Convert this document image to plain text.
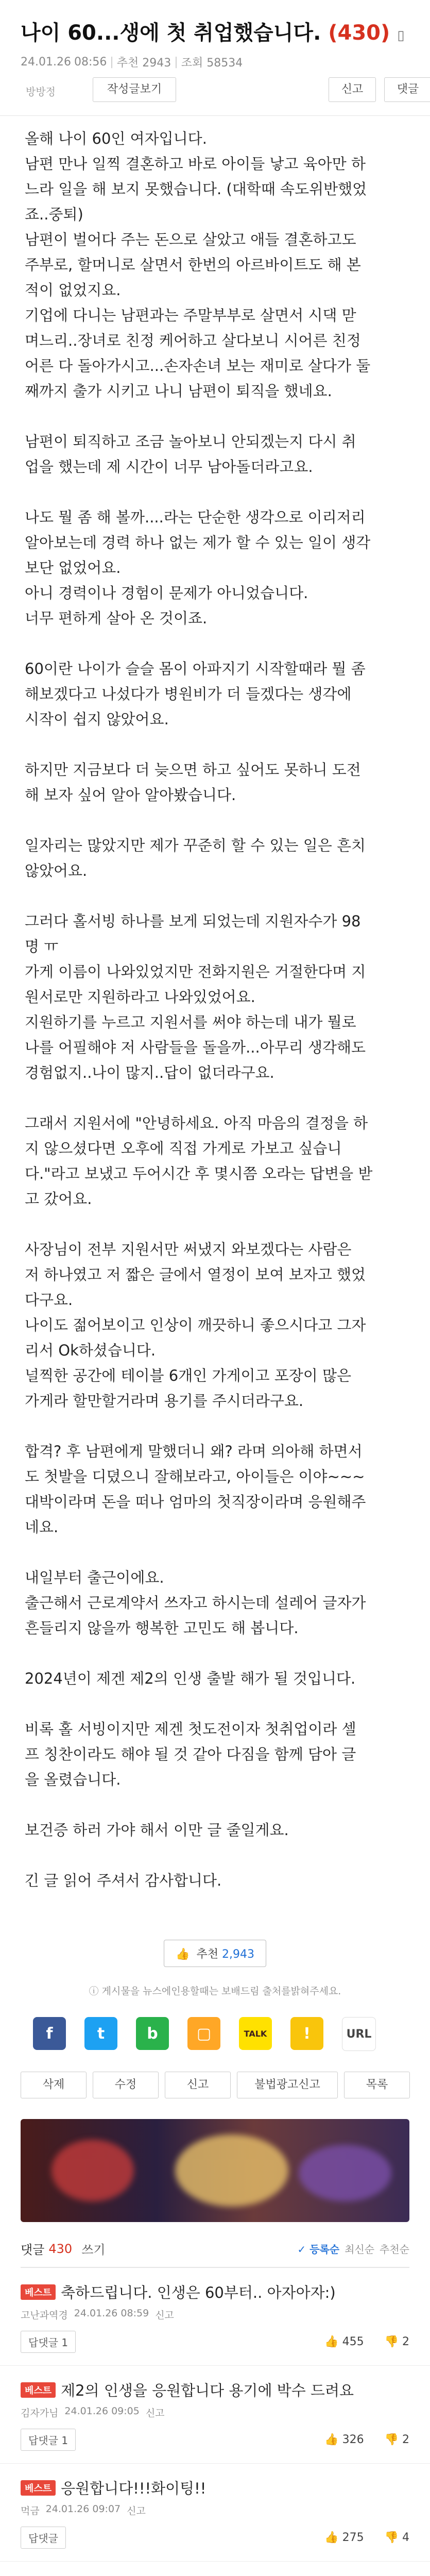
나이 60...생에 첫 취업했습니다. (430) ▯
24.01.26 08:56 | 추천 2943 | 조회 58534
방방정	작성글보기	신고	댓글

올해 나이 60인 여자입니다.
남편 만나 일찍 결혼하고 바로 아이들 낳고 육아만 하
느라 일을 해 보지 못했습니다. (대학때 속도위반했었
죠..중퇴)
남편이 벌어다 주는 돈으로 살았고 애들 결혼하고도
주부로, 할머니로 살면서 한번의 아르바이트도 해 본
적이 없었지요.
기업에 다니는 남편과는 주말부부로 살면서 시댁 맏
며느리..장녀로 친정 케어하고 살다보니 시어른 친정
어른 다 돌아가시고...손자손녀 보는 재미로 살다가 둘
째까지 출가 시키고 나니 남편이 퇴직을 했네요.

남편이 퇴직하고 조금 놀아보니 안되겠는지 다시 취
업을 했는데 제 시간이 너무 남아돌더라고요.

나도 뭘 좀 해 볼까....라는 단순한 생각으로 이리저리
알아보는데 경력 하나 없는 제가 할 수 있는 일이 생각
보단 없었어요.
아니 경력이나 경험이 문제가 아니었습니다.
너무 편하게 살아 온 것이죠.

60이란 나이가 슬슬 몸이 아파지기 시작할때라 뭘 좀
해보겠다고 나섰다가 병원비가 더 들겠다는 생각에
시작이 쉽지 않았어요.

하지만 지금보다 더 늦으면 하고 싶어도 못하니 도전
해 보자 싶어 알아 알아봤습니다.

일자리는 많았지만 제가 꾸준히 할 수 있는 일은 흔치
않았어요.

그러다 홀서빙 하나를 보게 되었는데 지원자수가 98
명 ㅠ
가게 이름이 나와있었지만 전화지원은 거절한다며 지
원서로만 지원하라고 나와있었어요.
지원하기를 누르고 지원서를 써야 하는데 내가 뭘로
나를 어필해야 저 사람들을 돌을까...아무리 생각해도
경험없지..나이 많지..답이 없더라구요.

그래서 지원서에 "안녕하세요. 아직 마음의 결정을 하
지 않으셨다면 오후에 직접 가게로 가보고 싶습니
다."라고 보냈고 두어시간 후 몇시쯤 오라는 답변을 받
고 갔어요.

사장님이 전부 지원서만 써냈지 와보겠다는 사람은
저 하나였고 저 짧은 글에서 열정이 보여 보자고 했었
다구요.
나이도 젊어보이고 인상이 깨끗하니 좋으시다고 그자
리서 Ok하셨습니다.
널찍한 공간에 테이블 6개인 가게이고 포장이 많은
가게라 할만할거라며 용기를 주시더라구요.

합격? 후 남편에게 말했더니 왜? 라며 의아해 하면서
도 첫발을 디뎠으니 잘해보라고, 아이들은 이야~~~
대박이라며 돈을 떠나 엄마의 첫직장이라며 응원해주
네요.

내일부터 출근이에요.
출근해서 근로계약서 쓰자고 하시는데 설레어 글자가
흔들리지 않을까 행복한 고민도 해 봅니다.

2024년이 제겐 제2의 인생 출발 해가 될 것입니다.

비록 홀 서빙이지만 제겐 첫도전이자 첫취업이라 셀
프 칭찬이라도 해야 될 것 같아 다짐을 함께 담아 글
을 올렸습니다.

보건증 하러 가야 해서 이만 글 줄일게요.

긴 글 읽어 주셔서 감사합니다.

👍 추천 2,943
ⓘ 게시물을 뉴스에인용할때는 보배드림 출처를밝혀주세요.
f	t	b	▢	TALK	!	URL
삭제	수정	신고	불법광고신고	목록
댓글 430 쓰기	✓ 등록순 최신순 추천순
베스트 축하드립니다. 인생은 60부터.. 아자아자:)
고난과역경 24.01.26 08:59 신고
답댓글 1	👍 455 👎 2
베스트 제2의 인생을 응원합니다 용기에 박수 드려요
김자가님 24.01.26 09:05 신고
답댓글 1	👍 326 👎 2
베스트 응원합니다!!!화이팅!!
먹금 24.01.26 09:07 신고
답댓글	👍 275 👎 4
